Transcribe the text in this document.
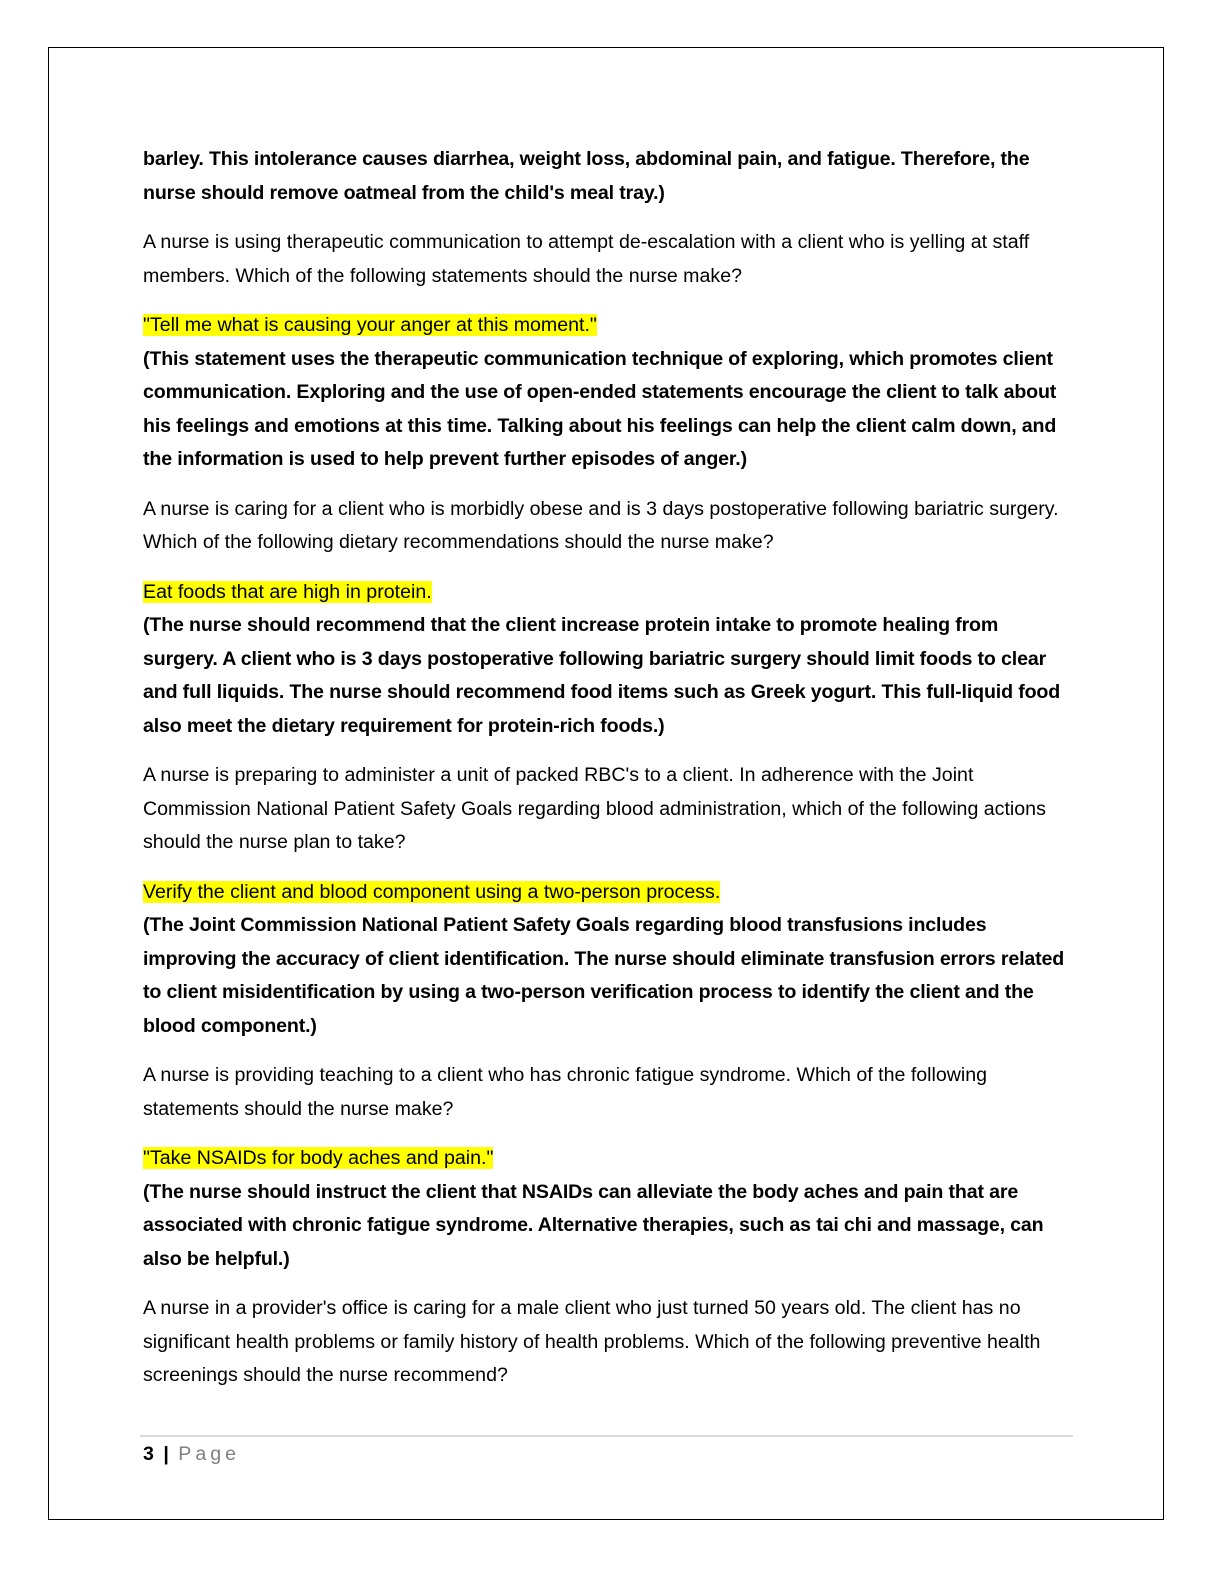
barley. This intolerance causes diarrhea, weight loss, abdominal pain, and fatigue. Therefore, the nurse should remove oatmeal from the child's meal tray.)

A nurse is using therapeutic communication to attempt de-escalation with a client who is yelling at staff members. Which of the following statements should the nurse make?

"Tell me what is causing your anger at this moment."

(This statement uses the therapeutic communication technique of exploring, which promotes client communication. Exploring and the use of open-ended statements encourage the client to talk about his feelings and emotions at this time. Talking about his feelings can help the client calm down, and the information is used to help prevent further episodes of anger.)

A nurse is caring for a client who is morbidly obese and is 3 days postoperative following bariatric surgery. Which of the following dietary recommendations should the nurse make?

Eat foods that are high in protein.

(The nurse should recommend that the client increase protein intake to promote healing from surgery. A client who is 3 days postoperative following bariatric surgery should limit foods to clear and full liquids. The nurse should recommend food items such as Greek yogurt. This full-liquid food also meet the dietary requirement for protein-rich foods.)

A nurse is preparing to administer a unit of packed RBC's to a client. In adherence with the Joint Commission National Patient Safety Goals regarding blood administration, which of the following actions should the nurse plan to take?

Verify the client and blood component using a two-person process.

(The Joint Commission National Patient Safety Goals regarding blood transfusions includes improving the accuracy of client identification. The nurse should eliminate transfusion errors related to client misidentification by using a two-person verification process to identify the client and the blood component.)

A nurse is providing teaching to a client who has chronic fatigue syndrome. Which of the following statements should the nurse make?

"Take NSAIDs for body aches and pain."

(The nurse should instruct the client that NSAIDs can alleviate the body aches and pain that are associated with chronic fatigue syndrome. Alternative therapies, such as tai chi and massage, can also be helpful.)

A nurse in a provider's office is caring for a male client who just turned 50 years old. The client has no significant health problems or family history of health problems. Which of the following preventive health screenings should the nurse recommend?

3 | Page
